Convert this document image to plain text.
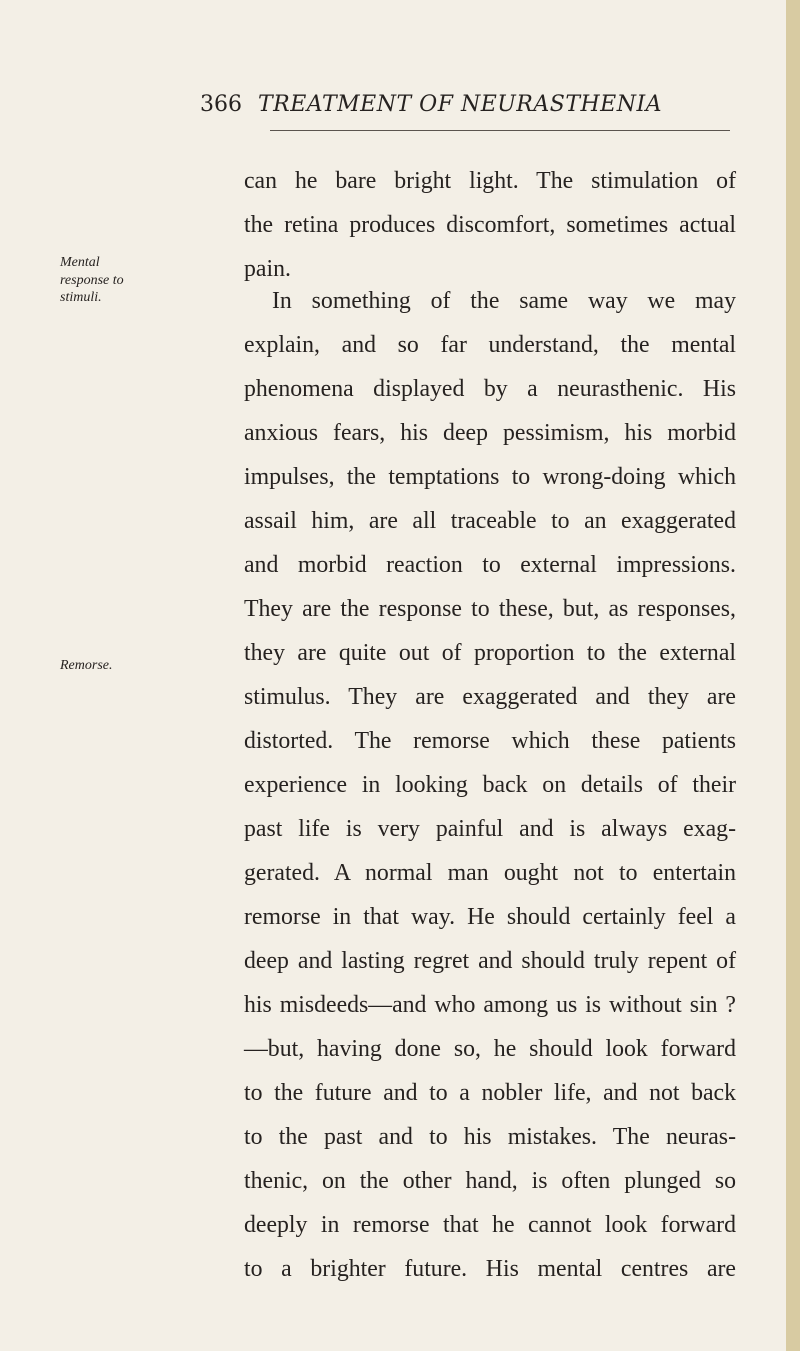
366 TREATMENT OF NEURASTHENIA
Mental
response to
stimuli.
Remorse.
can he bare bright light. The stimulation of
the retina produces discomfort, sometimes actual
pain.
In something of the same way we may
explain, and so far understand, the mental
phenomena displayed by a neurasthenic. His
anxious fears, his deep pessimism, his morbid
impulses, the temptations to wrong-doing which
assail him, are all traceable to an exaggerated
and morbid reaction to external impressions.
They are the response to these, but, as responses,
they are quite out of proportion to the external
stimulus. They are exaggerated and they are
distorted. The remorse which these patients
experience in looking back on details of their
past life is very painful and is always exag-
gerated. A normal man ought not to entertain
remorse in that way. He should certainly feel a
deep and lasting regret and should truly repent of
his misdeeds—and who among us is without sin ?
—but, having done so, he should look forward
to the future and to a nobler life, and not back
to the past and to his mistakes. The neuras-
thenic, on the other hand, is often plunged so
deeply in remorse that he cannot look forward
to a brighter future. His mental centres are
